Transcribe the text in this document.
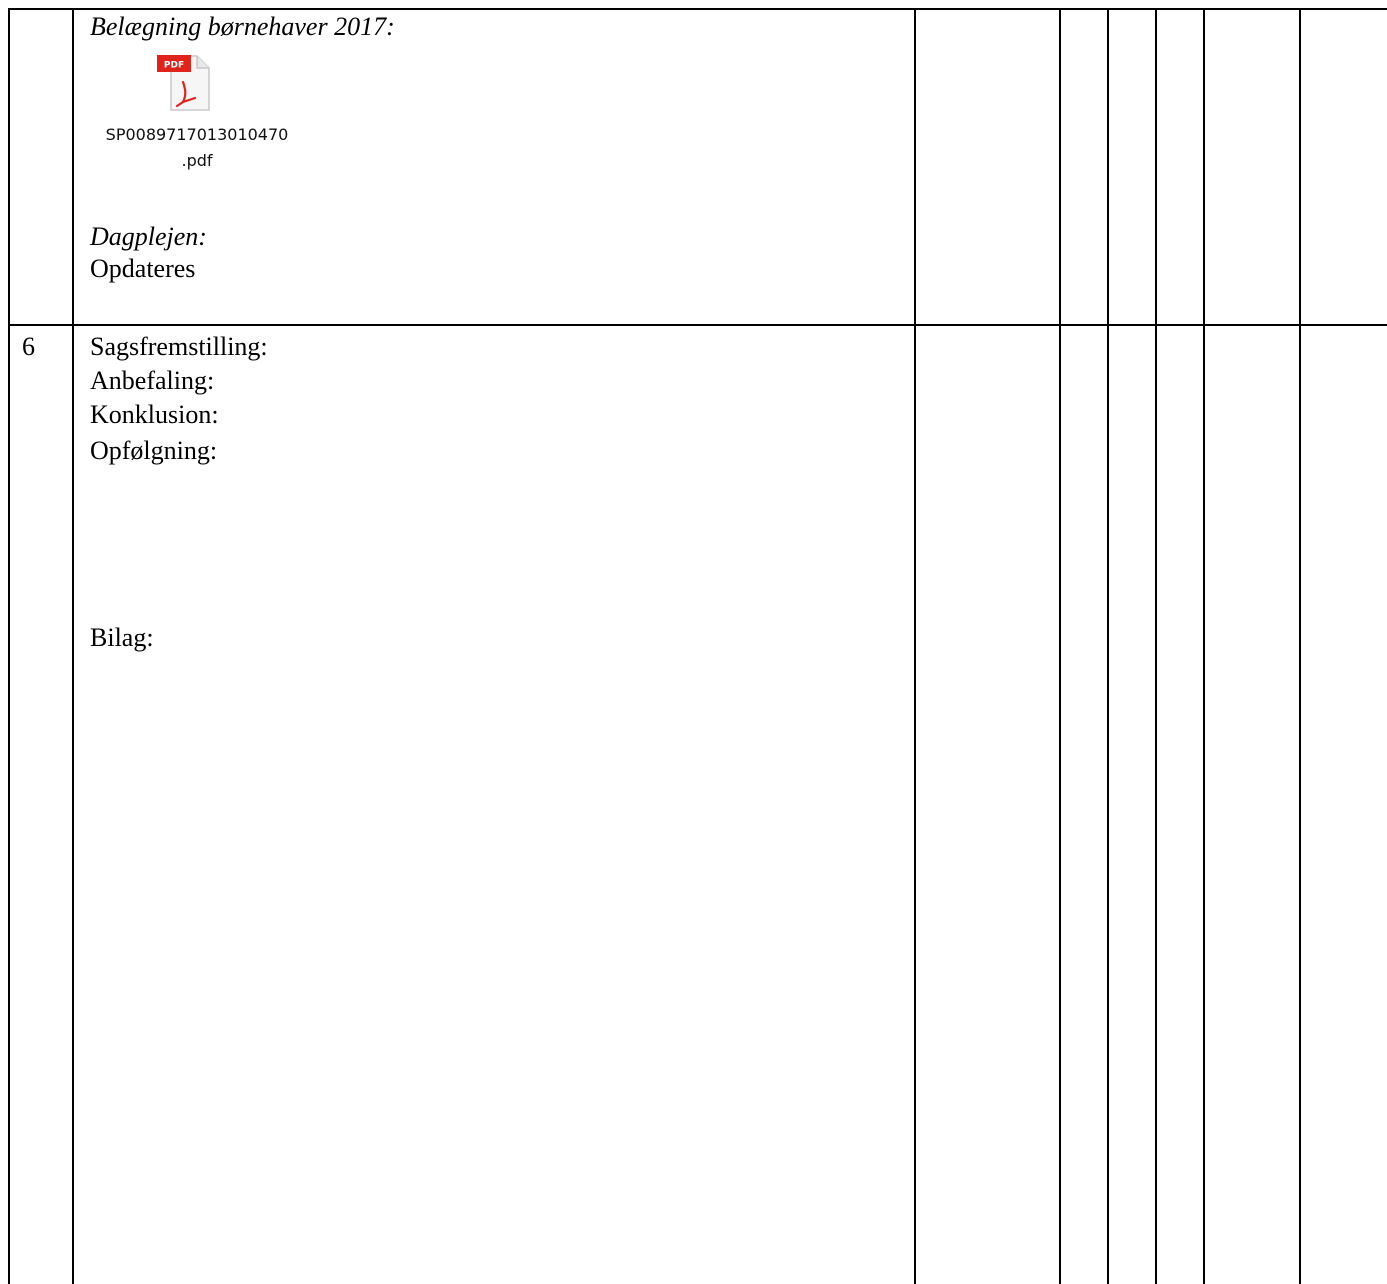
Belægning børnehaver 2017:
PDF
SP0089717013010470
.pdf
Dagplejen:
Opdateres
6 Sagsfremstilling:
Anbefaling:
Konklusion:
Opfølgning:
Bilag:
